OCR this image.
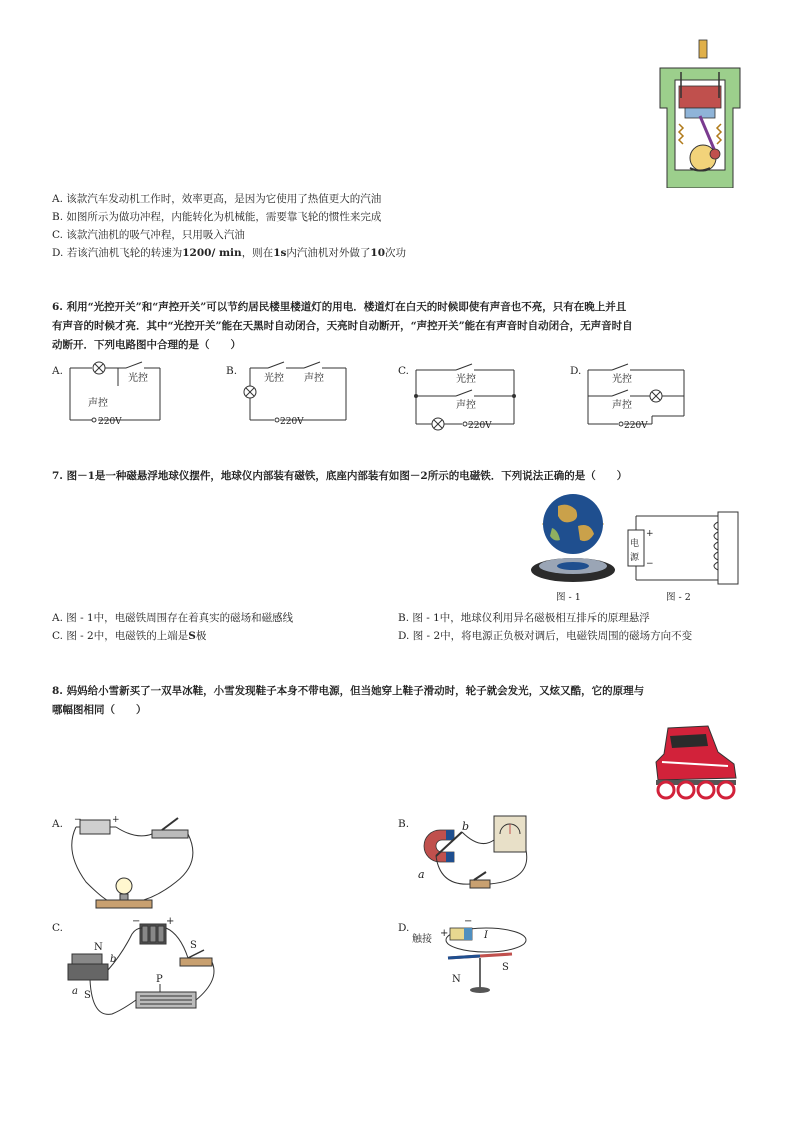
A. 该款汽车发动机工作时，效率更高，是因为它使用了热值更大的汽油
B. 如图所示为做功冲程，内能转化为机械能，需要靠飞轮的惯性来完成
C. 该款汽油机的吸气冲程，只用吸入汽油
D. 若该汽油机飞轮的转速为1200/ min，则在1s内汽油机对外做了10次功
6. 利用“光控开关”和“声控开关”可以节约居民楼里楼道灯的用电．楼道灯在白天的时候即使有声音也不亮，只有在晚上并且
有声音的时候才亮．其中“光控开关”能在天黑时自动闭合，天亮时自动断开，“声控开关”能在有声音时自动闭合，无声音时自
动断开．下列电路图中合理的是（　　）
A.
光控
声控
220V
B.
光控 声控
220V
C.
光控
声控
220V
D.
光控
声控
220V
7. 图－1是一种磁悬浮地球仪摆件，地球仪内部装有磁铁，底座内部装有如图－2所示的电磁铁．下列说法正确的是（　　）
图 - 1
+
−
电
源
图 - 2
A. 图 - 1中，电磁铁周围存在着真实的磁场和磁感线	B. 图 - 1中，地球仪利用异名磁极相互排斥的原理悬浮
C. 图 - 2中，电磁铁的上端是S极	D. 图 - 2中，将电源正负极对调后，电磁铁周围的磁场方向不变
8. 妈妈给小雪新买了一双旱冰鞋，小雪发现鞋子本身不带电源，但当她穿上鞋子滑动时，轮子就会发光，又炫又酷，它的原理与
哪幅图相同（　　）
A. −	+	B.
a
b
C.
N
S
b
a
P
S
+
−
D.
触接
+
−
I
N
S
